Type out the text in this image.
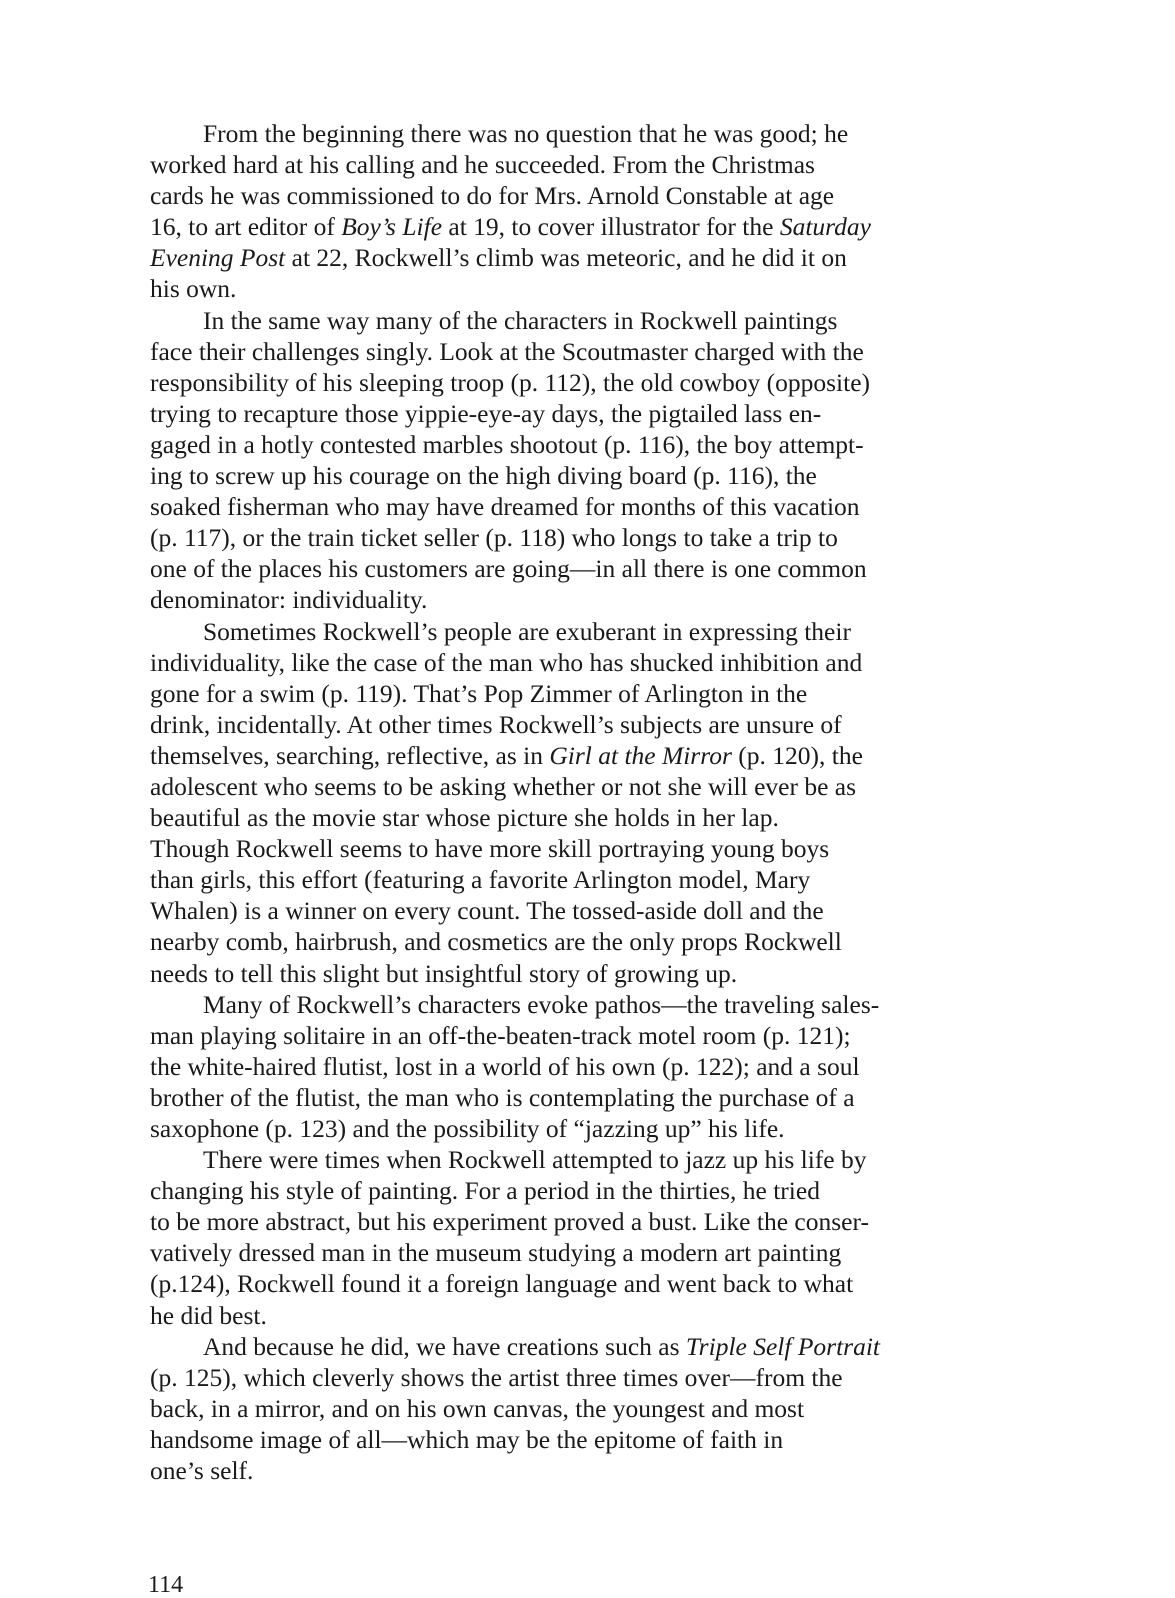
From the beginning there was no question that he was good; he
worked hard at his calling and he succeeded. From the Christmas
cards he was commissioned to do for Mrs. Arnold Constable at age
16, to art editor of Boy’s Life at 19, to cover illustrator for the Saturday
Evening Post at 22, Rockwell’s climb was meteoric, and he did it on
his own.

In the same way many of the characters in Rockwell paintings
face their challenges singly. Look at the Scoutmaster charged with the
responsibility of his sleeping troop (p. 112), the old cowboy (opposite)
trying to recapture those yippie-eye-ay days, the pigtailed lass en-
gaged in a hotly contested marbles shootout (p. 116), the boy attempt-
ing to screw up his courage on the high diving board (p. 116), the
soaked fisherman who may have dreamed for months of this vacation
(p. 117), or the train ticket seller (p. 118) who longs to take a trip to
one of the places his customers are going—in all there is one common
denominator: individuality.

Sometimes Rockwell’s people are exuberant in expressing their
individuality, like the case of the man who has shucked inhibition and
gone for a swim (p. 119). That’s Pop Zimmer of Arlington in the
drink, incidentally. At other times Rockwell’s subjects are unsure of
themselves, searching, reflective, as in Girl at the Mirror (p. 120), the
adolescent who seems to be asking whether or not she will ever be as
beautiful as the movie star whose picture she holds in her lap.
Though Rockwell seems to have more skill portraying young boys
than girls, this effort (featuring a favorite Arlington model, Mary
Whalen) is a winner on every count. The tossed-aside doll and the
nearby comb, hairbrush, and cosmetics are the only props Rockwell
needs to tell this slight but insightful story of growing up.

Many of Rockwell’s characters evoke pathos—the traveling sales-
man playing solitaire in an off-the-beaten-track motel room (p. 121);
the white-haired flutist, lost in a world of his own (p. 122); and a soul
brother of the flutist, the man who is contemplating the purchase of a
saxophone (p. 123) and the possibility of “jazzing up” his life.

There were times when Rockwell attempted to jazz up his life by
changing his style of painting. For a period in the thirties, he tried
to be more abstract, but his experiment proved a bust. Like the conser-
vatively dressed man in the museum studying a modern art painting
(p.124), Rockwell found it a foreign language and went back to what
he did best.

And because he did, we have creations such as Triple Self Portrait
(p. 125), which cleverly shows the artist three times over—from the
back, in a mirror, and on his own canvas, the youngest and most
handsome image of all—which may be the epitome of faith in
one’s self.

114
